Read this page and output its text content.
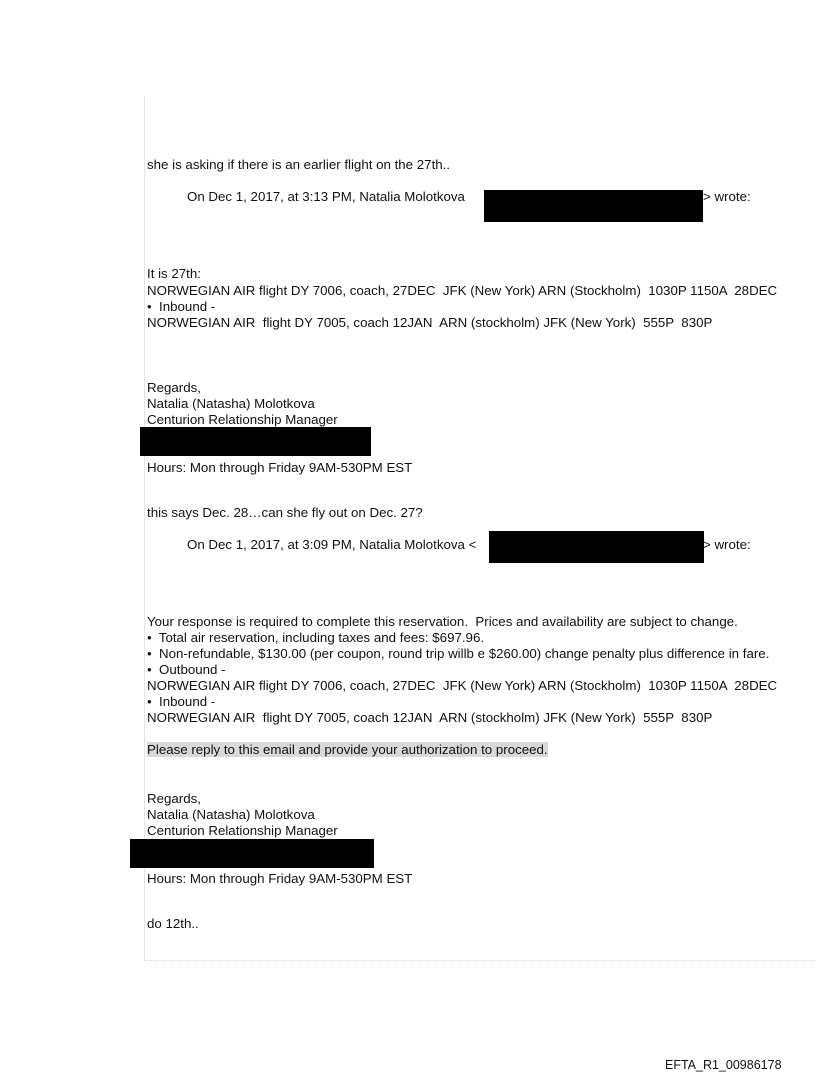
she is asking if there is an earlier flight on the 27th..
On Dec 1, 2017, at 3:13 PM, Natalia Molotkova	> wrote:
It is 27th:
NORWEGIAN AIR flight DY 7006, coach, 27DEC  JFK (New York) ARN (Stockholm)  1030P 1150A  28DEC
•  Inbound -
NORWEGIAN AIR  flight DY 7005, coach 12JAN  ARN (stockholm) JFK (New York)  555P  830P
Regards,
Natalia (Natasha) Molotkova
Centurion Relationship Manager
Hours: Mon through Friday 9AM-530PM EST
this says Dec. 28…can she fly out on Dec. 27?
On Dec 1, 2017, at 3:09 PM, Natalia Molotkova <	> wrote:
Your response is required to complete this reservation.  Prices and availability are subject to change.
•  Total air reservation, including taxes and fees: $697.96.
•  Non-refundable, $130.00 (per coupon, round trip willb e $260.00) change penalty plus difference in fare.
•  Outbound -
NORWEGIAN AIR flight DY 7006, coach, 27DEC  JFK (New York) ARN (Stockholm)  1030P 1150A  28DEC
•  Inbound -
NORWEGIAN AIR  flight DY 7005, coach 12JAN  ARN (stockholm) JFK (New York)  555P  830P
Please reply to this email and provide your authorization to proceed.
Regards,
Natalia (Natasha) Molotkova
Centurion Relationship Manager
Hours: Mon through Friday 9AM-530PM EST
do 12th..
EFTA_R1_00986178
